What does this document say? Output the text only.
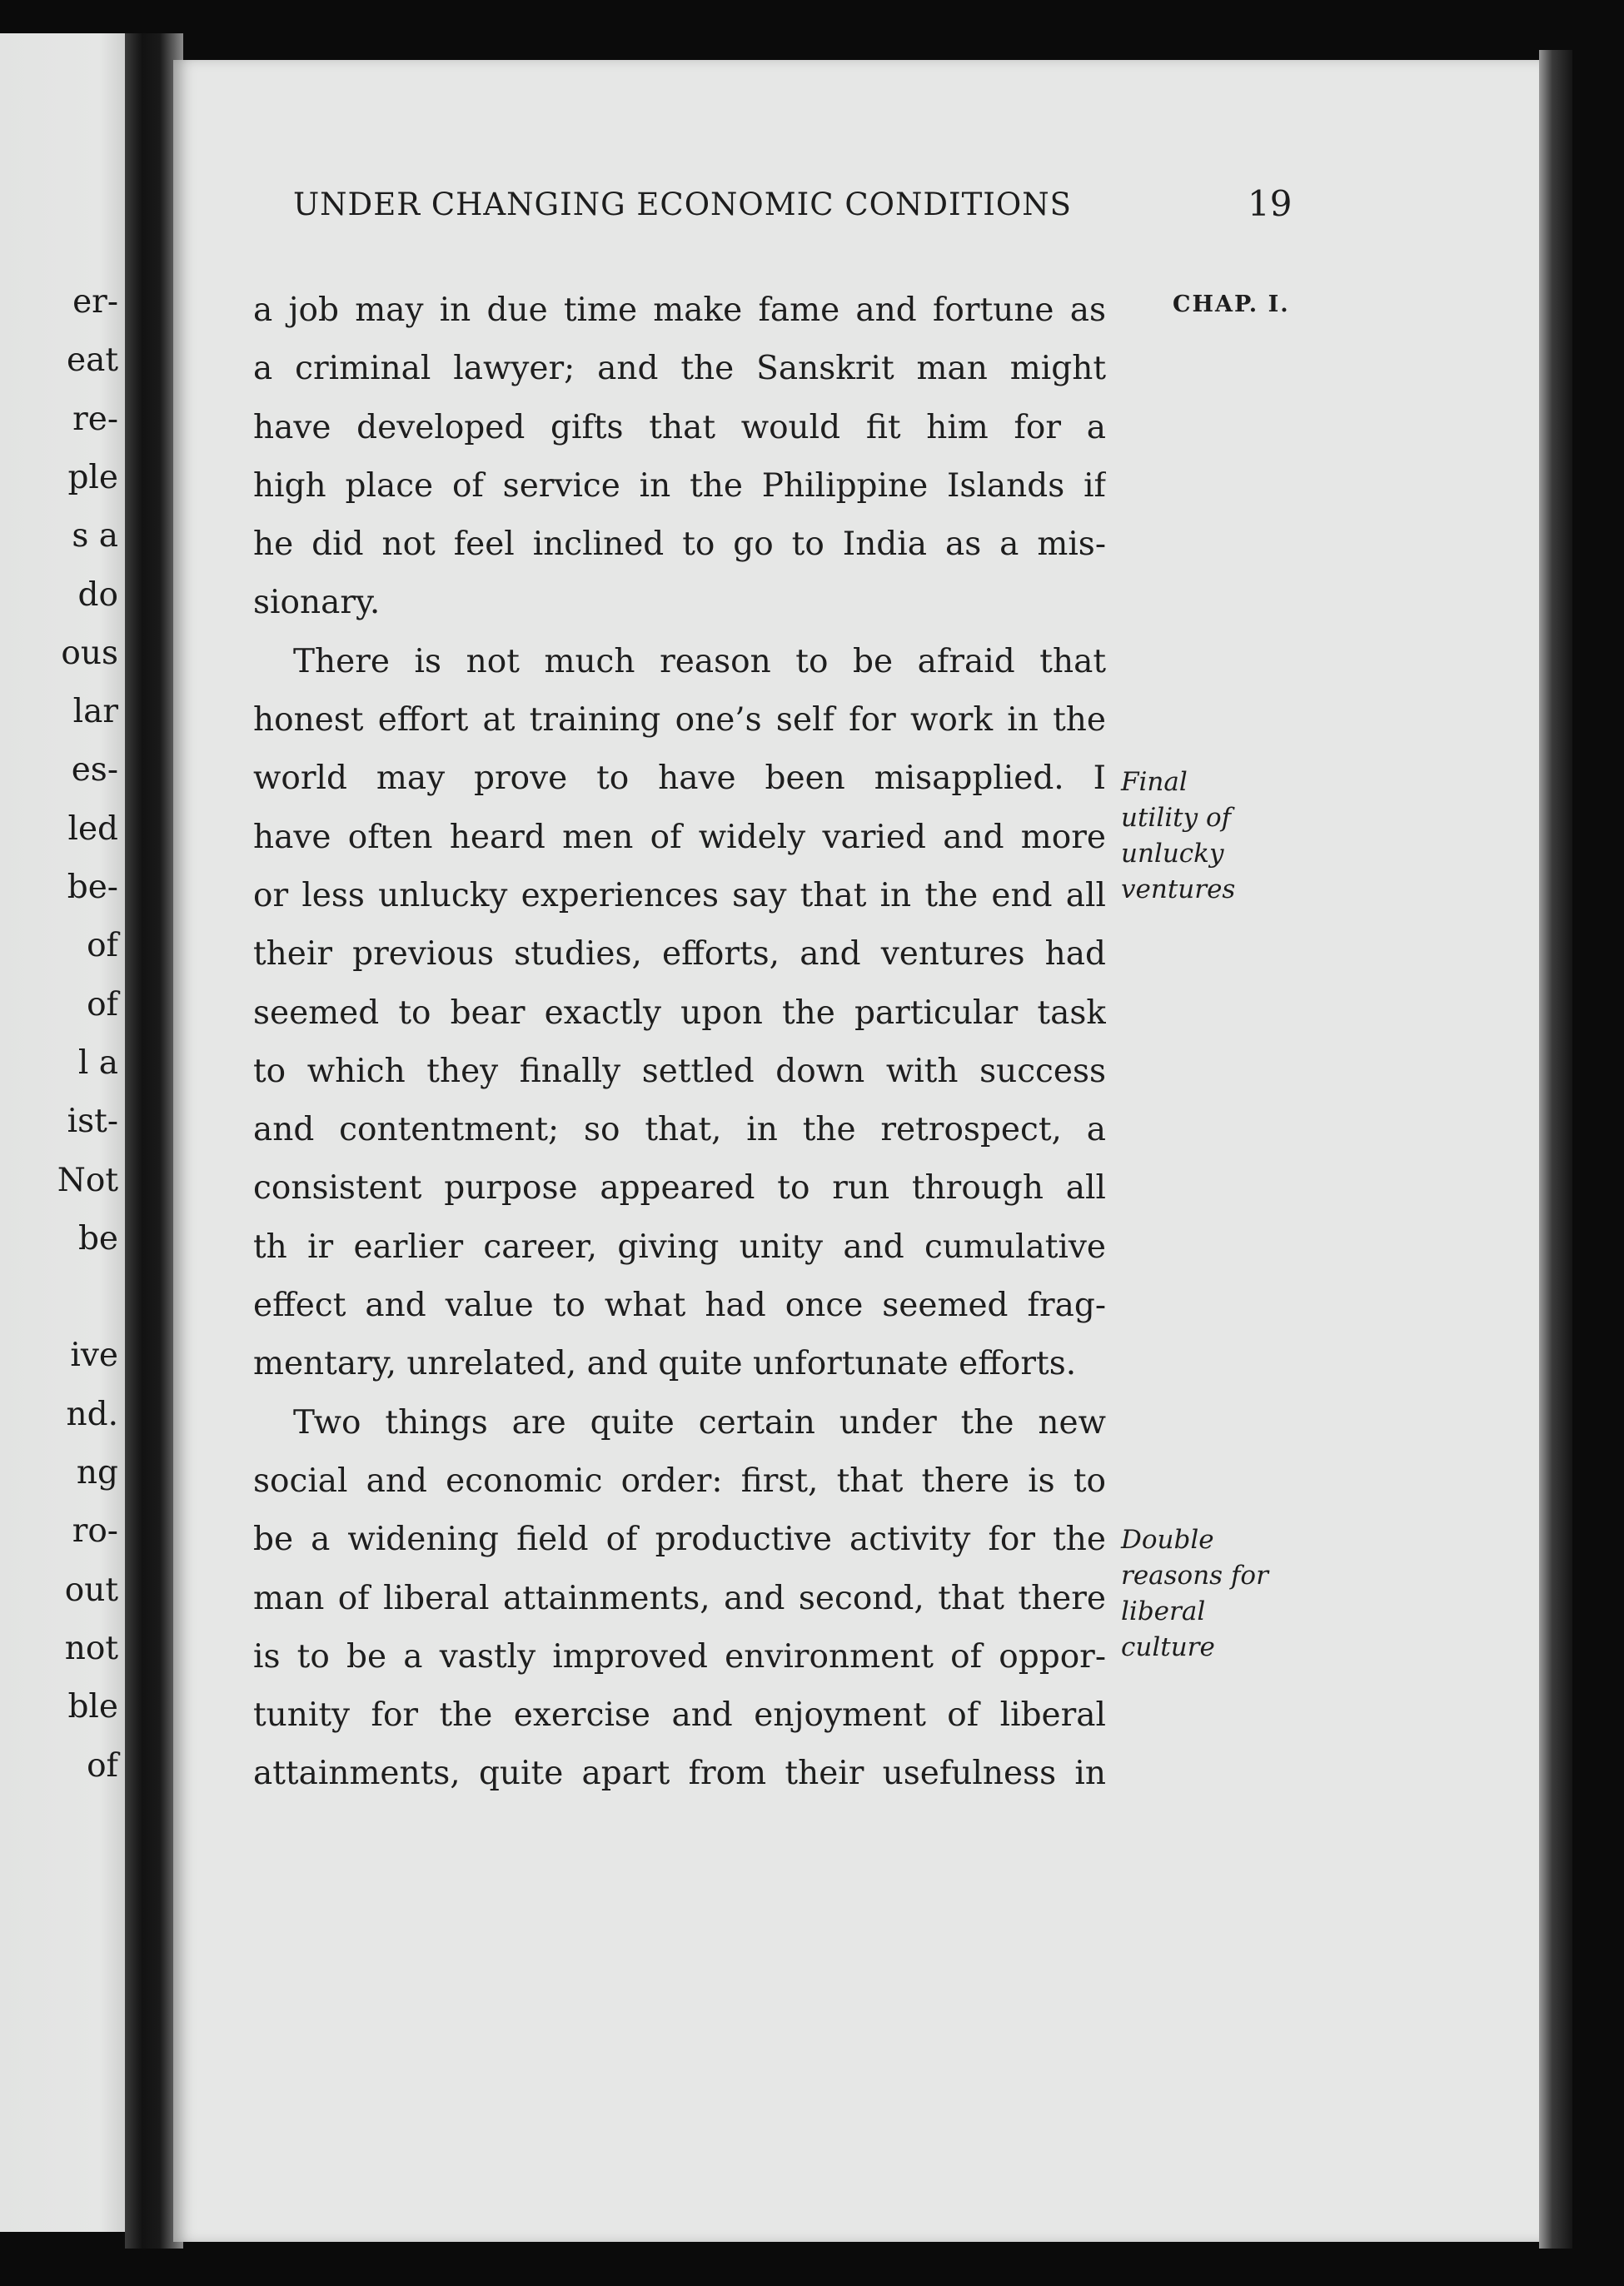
er-
eat
re-
ple
s a
do
ous
lar
es-
led
be-
of
of
l a
ist-
Not
be
ive
nd.
ng
ro-
out
not
ble
of
UNDER CHANGING ECONOMIC CONDITIONS	19
CHAP. I.
a job may in due time make fame and fortune as
a criminal lawyer; and the Sanskrit man might
have developed gifts that would fit him for a
high place of service in the Philippine Islands if
he did not feel inclined to go to India as a mis-
sionary.
There is not much reason to be afraid that
honest effort at training one’s self for work in the
world may prove to have been misapplied. I
have often heard men of widely varied and more
or less unlucky experiences say that in the end all
their previous studies, efforts, and ventures had
seemed to bear exactly upon the particular task
to which they finally settled down with success
and contentment; so that, in the retrospect, a
consistent purpose appeared to run through all
th ir earlier career, giving unity and cumulative
effect and value to what had once seemed frag-
mentary, unrelated, and quite unfortunate efforts.
Two things are quite certain under the new
social and economic order: first, that there is to
be a widening field of productive activity for the
man of liberal attainments, and second, that there
is to be a vastly improved environment of oppor-
tunity for the exercise and enjoyment of liberal
attainments, quite apart from their usefulness in
Final
utility of
unlucky
ventures
Double
reasons for
liberal
culture
